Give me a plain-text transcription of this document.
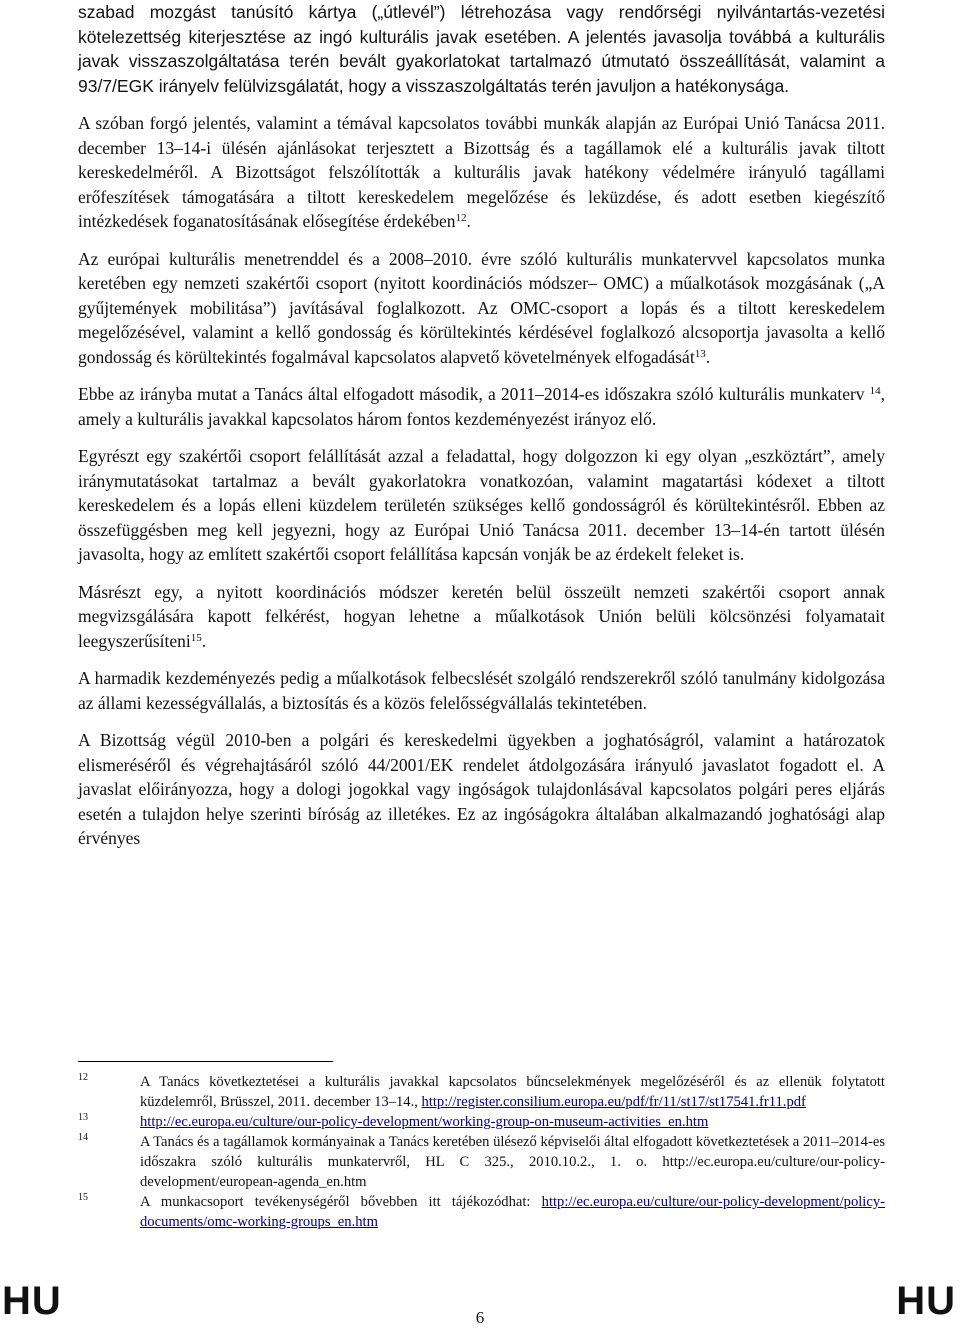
szabad mozgást tanúsító kártya („útlevél”) létrehozása vagy rendőrségi nyilvántartás-vezetési kötelezettség kiterjesztése az ingó kulturális javak esetében. A jelentés javasolja továbbá a kulturális javak visszaszolgáltatása terén bevált gyakorlatokat tartalmazó útmutató összeállítását, valamint a 93/7/EGK irányelv felülvizsgálatát, hogy a visszaszolgáltatás terén javuljon a hatékonysága.

A szóban forgó jelentés, valamint a témával kapcsolatos további munkák alapján az Európai Unió Tanácsa 2011. december 13–14-i ülésén ajánlásokat terjesztett a Bizottság és a tagállamok elé a kulturális javak tiltott kereskedelméről. A Bizottságot felszólították a kulturális javak hatékony védelmére irányuló tagállami erőfeszítések támogatására a tiltott kereskedelem megelőzése és leküzdése, és adott esetben kiegészítő intézkedések foganatosításának elősegítése érdekében$^{12}$.

Az európai kulturális menetrenddel és a 2008–2010. évre szóló kulturális munkatervvel kapcsolatos munka keretében egy nemzeti szakértői csoport (nyitott koordinációs módszer– OMC) a műalkotások mozgásának („A gyűjtemények mobilitása”) javításával foglalkozott. Az OMC-csoport a lopás és a tiltott kereskedelem megelőzésével, valamint a kellő gondosság és körültekintés kérdésével foglalkozó alcsoportja javasolta a kellő gondosság és körültekintés fogalmával kapcsolatos alapvető követelmények elfogadását$^{13}$.

Ebbe az irányba mutat a Tanács által elfogadott második, a 2011–2014-es időszakra szóló kulturális munkaterv $^{14}$, amely a kulturális javakkal kapcsolatos három fontos kezdeményezést irányoz elő.

Egyrészt egy szakértői csoport felállítását azzal a feladattal, hogy dolgozzon ki egy olyan „eszköztárt”, amely iránymutatásokat tartalmaz a bevált gyakorlatokra vonatkozóan, valamint magatartási kódexet a tiltott kereskedelem és a lopás elleni küzdelem területén szükséges kellő gondosságról és körültekintésről. Ebben az összefüggésben meg kell jegyezni, hogy az Európai Unió Tanácsa 2011. december 13–14-én tartott ülésén javasolta, hogy az említett szakértői csoport felállítása kapcsán vonják be az érdekelt feleket is.

Másrészt egy, a nyitott koordinációs módszer keretén belül összeült nemzeti szakértői csoport annak megvizsgálására kapott felkérést, hogyan lehetne a műalkotások Unión belüli kölcsönzési folyamatait leegyszerűsíteni$^{15}$.

A harmadik kezdeményezés pedig a műalkotások felbecslését szolgáló rendszerekről szóló tanulmány kidolgozása az állami kezességvállalás, a biztosítás és a közös felelősségvállalás tekintetében.

A Bizottság végül 2010-ben a polgári és kereskedelmi ügyekben a joghatóságról, valamint a határozatok elismeréséről és végrehajtásáról szóló 44/2001/EK rendelet átdolgozására irányuló javaslatot fogadott el. A javaslat előirányozza, hogy a dologi jogokkal vagy ingóságok tulajdonlásával kapcsolatos polgári peres eljárás esetén a tulajdon helye szerinti bíróság az illetékes. Ez az ingóságokra általában alkalmazandó joghatósági alap érvényes

12	A Tanács következtetései a kulturális javakkal kapcsolatos bűncselekmények megelőzéséről és az ellenük folytatott küzdelemről, Brüsszel, 2011. december 13–14., http://register.consilium.europa.eu/pdf/fr/11/st17/st17541.fr11.pdf
13	http://ec.europa.eu/culture/our-policy-development/working-group-on-museum-activities_en.htm
14	A Tanács és a tagállamok kormányainak a Tanács keretében ülésező képviselői által elfogadott következtetések a 2011–2014-es időszakra szóló kulturális munkatervről, HL C 325., 2010.10.2., 1. o. http://ec.europa.eu/culture/our-policy-development/european-agenda_en.htm
15	A munkacsoport tevékenységéről bővebben itt tájékozódhat: http://ec.europa.eu/culture/our-policy-development/policy-documents/omc-working-groups_en.htm
HU	6	HU
